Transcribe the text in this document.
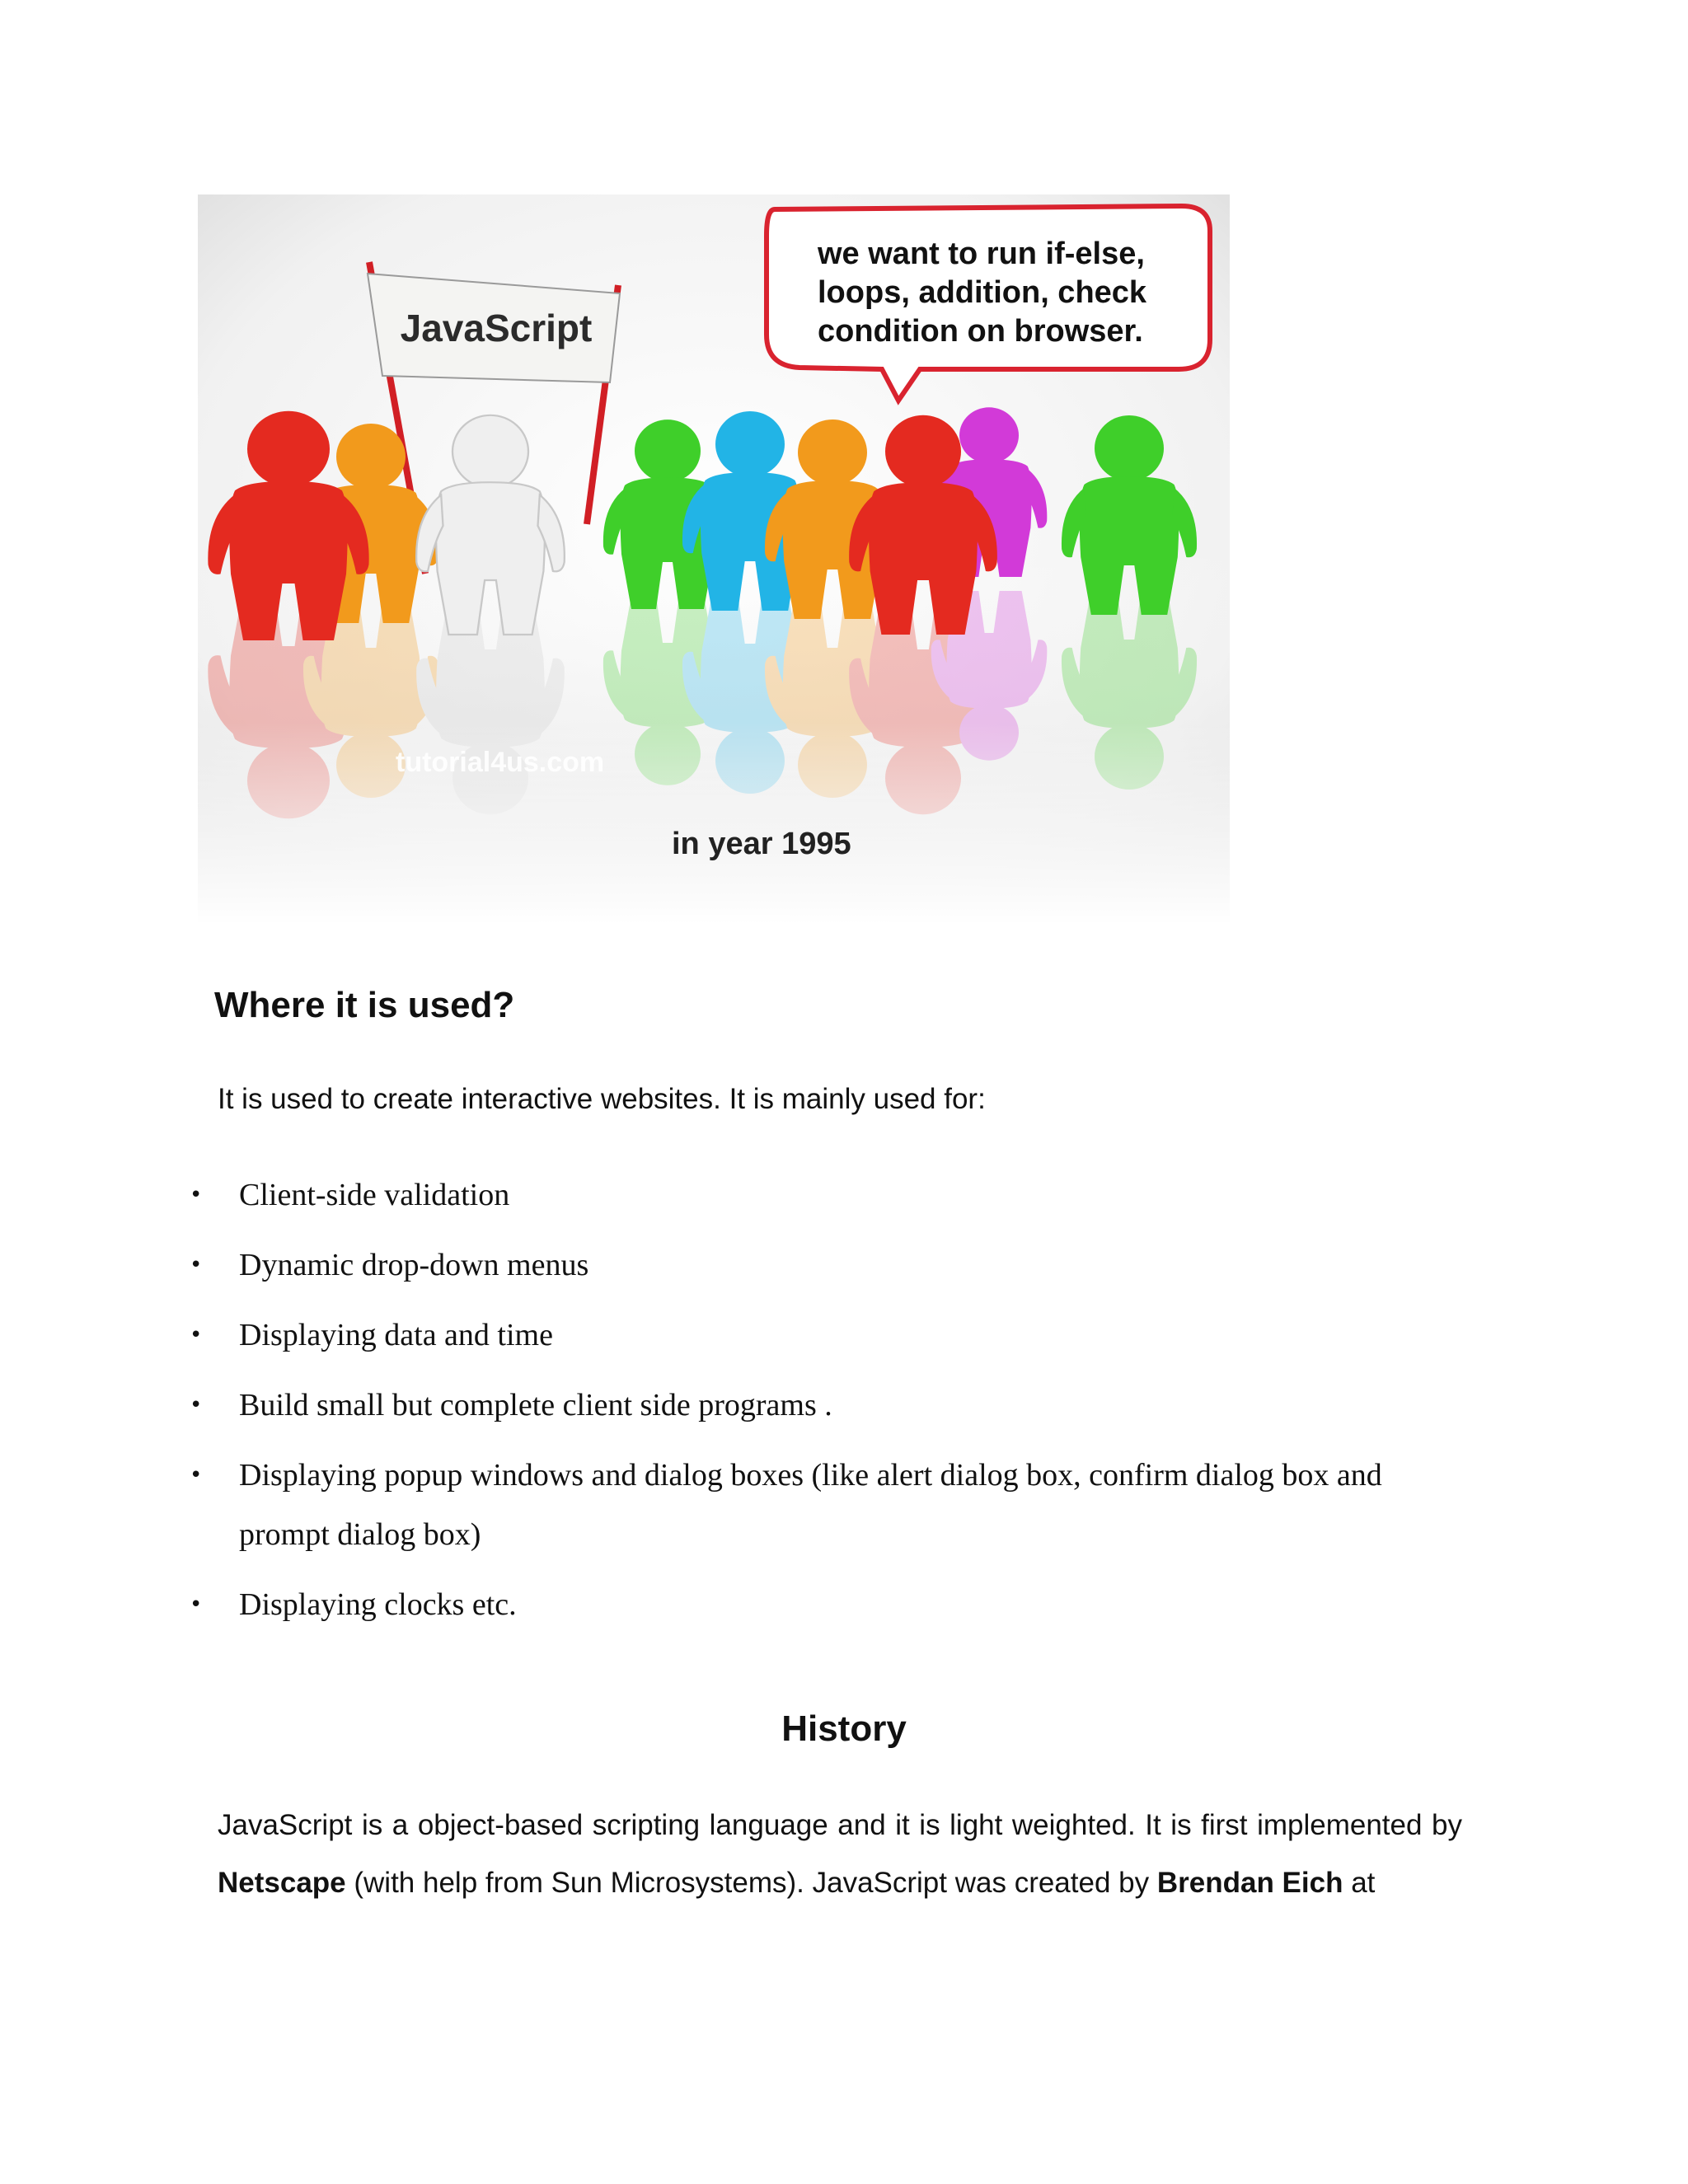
JavaScript
we want to run if-else,
loops, addition, check
condition on browser.
tutorial4us.com
in year 1995
Where it is used?

It is used to create interactive websites. It is mainly used for:

• Client-side validation
• Dynamic drop-down menus
• Displaying data and time
• Build small but complete client side programs .
• Displaying popup windows and dialog boxes (like alert dialog box, confirm dialog box and prompt dialog box)
• Displaying clocks etc.
History

JavaScript is a object-based scripting language and it is light weighted. It is first implemented by Netscape (with help from Sun Microsystems). JavaScript was created by Brendan Eich at
